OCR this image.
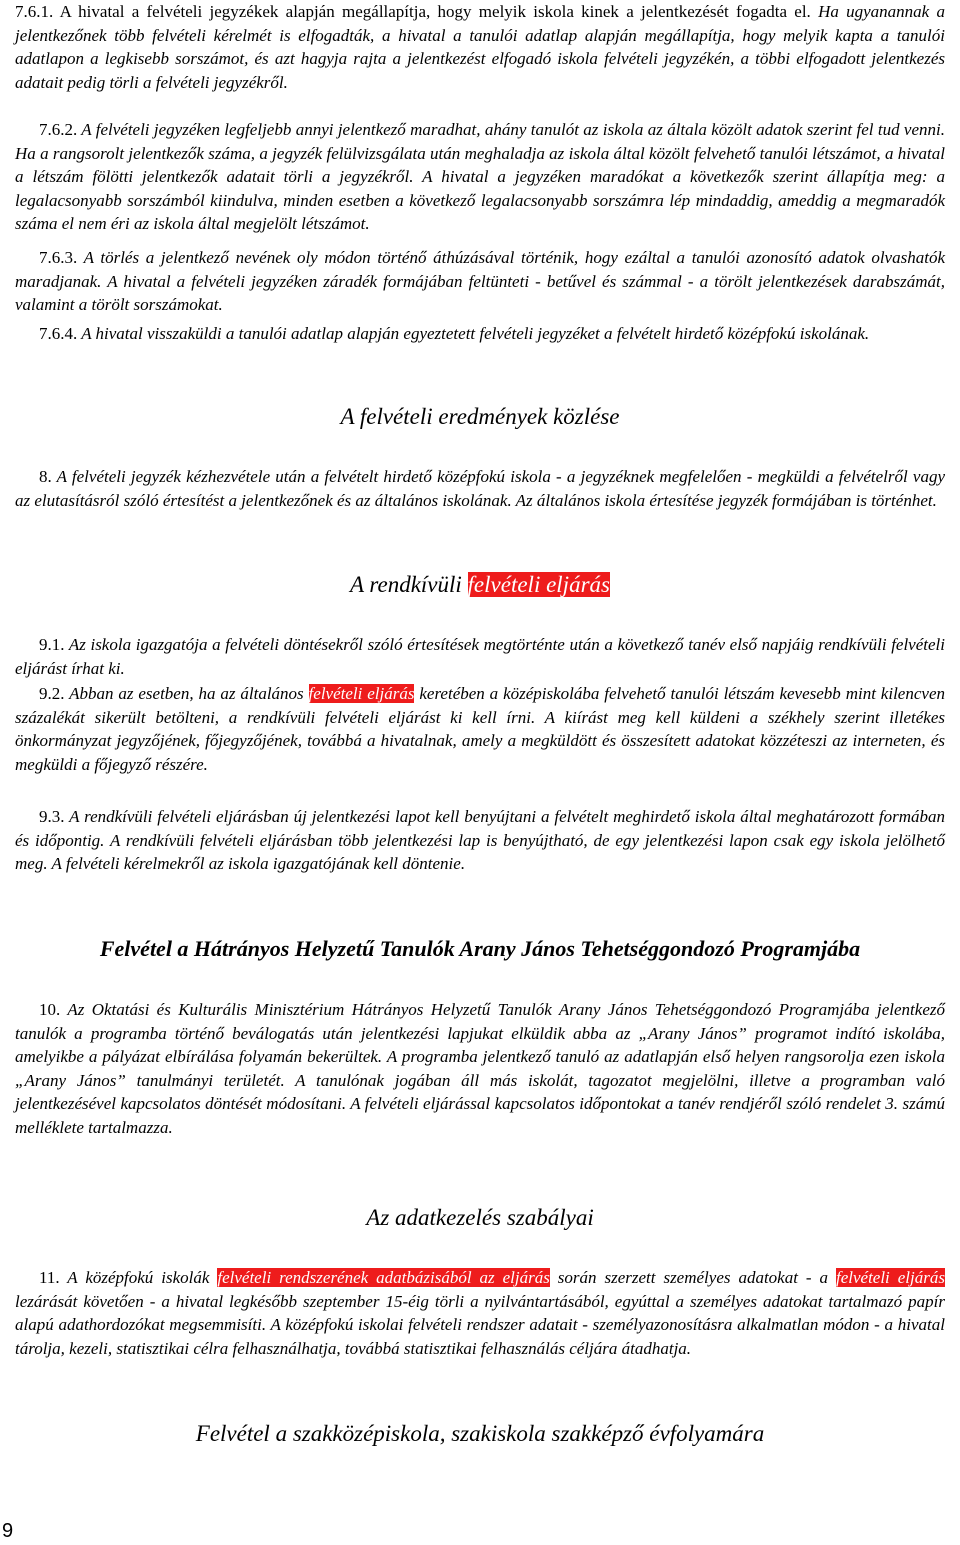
7.6.1. A hivatal a felvételi jegyzékek alapján megállapítja, hogy melyik iskola kinek a jelentkezését fogadta el. Ha ugyanannak a jelentkezőnek több felvételi kérelmét is elfogadták, a hivatal a tanulói adatlap alapján megállapítja, hogy melyik kapta a tanulói adatlapon a legkisebb sorszámot, és azt hagyja rajta a jelentkezést elfogadó iskola felvételi jegyzékén, a többi elfogadott jelentkezés adatait pedig törli a felvételi jegyzékről.

7.6.2. A felvételi jegyzéken legfeljebb annyi jelentkező maradhat, ahány tanulót az iskola az általa közölt adatok szerint fel tud venni. Ha a rangsorolt jelentkezők száma, a jegyzék felülvizsgálata után meghaladja az iskola által közölt felvehető tanulói létszámot, a hivatal a létszám fölötti jelentkezők adatait törli a jegyzékről. A hivatal a jegyzéken maradókat a következők szerint állapítja meg: a legalacsonyabb sorszámból kiindulva, minden esetben a következő legalacsonyabb sorszámra lép mindaddig, ameddig a megmaradók száma el nem éri az iskola által megjelölt létszámot.

7.6.3. A törlés a jelentkező nevének oly módon történő áthúzásával történik, hogy ezáltal a tanulói azonosító adatok olvashatók maradjanak. A hivatal a felvételi jegyzéken záradék formájában feltünteti - betűvel és számmal - a törölt jelentkezések darabszámát, valamint a törölt sorszámokat.

7.6.4. A hivatal visszaküldi a tanulói adatlap alapján egyeztetett felvételi jegyzéket a felvételt hirdető középfokú iskolának.

A felvételi eredmények közlése

8. A felvételi jegyzék kézhezvétele után a felvételt hirdető középfokú iskola - a jegyzéknek megfelelően - megküldi a felvételről vagy az elutasításról szóló értesítést a jelentkezőnek és az általános iskolának. Az általános iskola értesítése jegyzék formájában is történhet.

A rendkívüli felvételi eljárás

9.1. Az iskola igazgatója a felvételi döntésekről szóló értesítések megtörténte után a következő tanév első napjáig rendkívüli felvételi eljárást írhat ki.

9.2. Abban az esetben, ha az általános felvételi eljárás keretében a középiskolába felvehető tanulói létszám kevesebb mint kilencven százalékát sikerült betölteni, a rendkívüli felvételi eljárást ki kell írni. A kiírást meg kell küldeni a székhely szerint illetékes önkormányzat jegyzőjének, főjegyzőjének, továbbá a hivatalnak, amely a megküldött és összesített adatokat közzéteszi az interneten, és megküldi a főjegyző részére.

9.3. A rendkívüli felvételi eljárásban új jelentkezési lapot kell benyújtani a felvételt meghirdető iskola által meghatározott formában és időpontig. A rendkívüli felvételi eljárásban több jelentkezési lap is benyújtható, de egy jelentkezési lapon csak egy iskola jelölhető meg. A felvételi kérelmekről az iskola igazgatójának kell döntenie.

Felvétel a Hátrányos Helyzetű Tanulók Arany János Tehetséggondozó Programjába

10. Az Oktatási és Kulturális Minisztérium Hátrányos Helyzetű Tanulók Arany János Tehetséggondozó Programjába jelentkező tanulók a programba történő beválogatás után jelentkezési lapjukat elküldik abba az „Arany János” programot indító iskolába, amelyikbe a pályázat elbírálása folyamán bekerültek. A programba jelentkező tanuló az adatlapján első helyen rangsorolja ezen iskola „Arany János” tanulmányi területét. A tanulónak jogában áll más iskolát, tagozatot megjelölni, illetve a programban való jelentkezésével kapcsolatos döntését módosítani. A felvételi eljárással kapcsolatos időpontokat a tanév rendjéről szóló rendelet 3. számú melléklete tartalmazza.

Az adatkezelés szabályai

11. A középfokú iskolák felvételi rendszerének adatbázisából az eljárás során szerzett személyes adatokat - a felvételi eljárás lezárását követően - a hivatal legkésőbb szeptember 15-éig törli a nyilvántartásából, egyúttal a személyes adatokat tartalmazó papír alapú adathordozókat megsemmisíti. A középfokú iskolai felvételi rendszer adatait - személyazonosításra alkalmatlan módon - a hivatal tárolja, kezeli, statisztikai célra felhasználhatja, továbbá statisztikai felhasználás céljára átadhatja.

Felvétel a szakközépiskola, szakiskola szakképző évfolyamára
9
